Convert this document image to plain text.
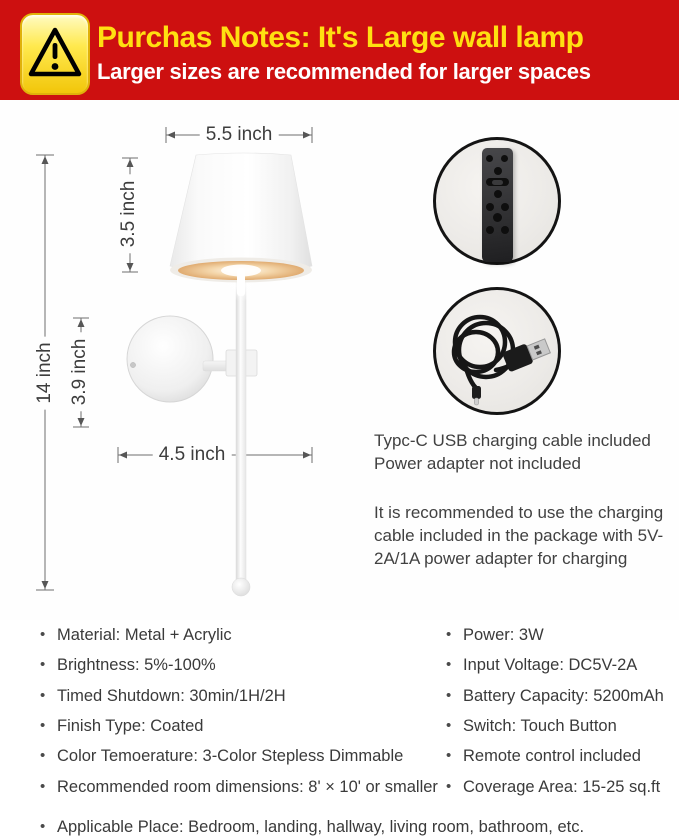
Purchas Notes: It's Large wall lamp
Larger sizes are recommended for larger spaces
5.5 inch
3.5 inch
14 inch 3.9 inch
4.5 inch
Typc-C USB charging cable included
Power adapter not included
It is recommended to use the charging cable included in the package with 5V-2A/1A power adapter for charging
• Material: Metal + Acrylic
• Brightness: 5%-100%
• Timed Shutdown: 30min/1H/2H
• Finish Type: Coated
• Color Temoerature: 3-Color Stepless Dimmable
• Recommended room dimensions: 8' × 10' or smaller
• Power: 3W
• Input Voltage: DC5V-2A
• Battery Capacity: 5200mAh
• Switch: Touch Button
• Remote control included
• Coverage Area: 15-25 sq.ft
• Applicable Place: Bedroom, landing, hallway, living room, bathroom, etc.
